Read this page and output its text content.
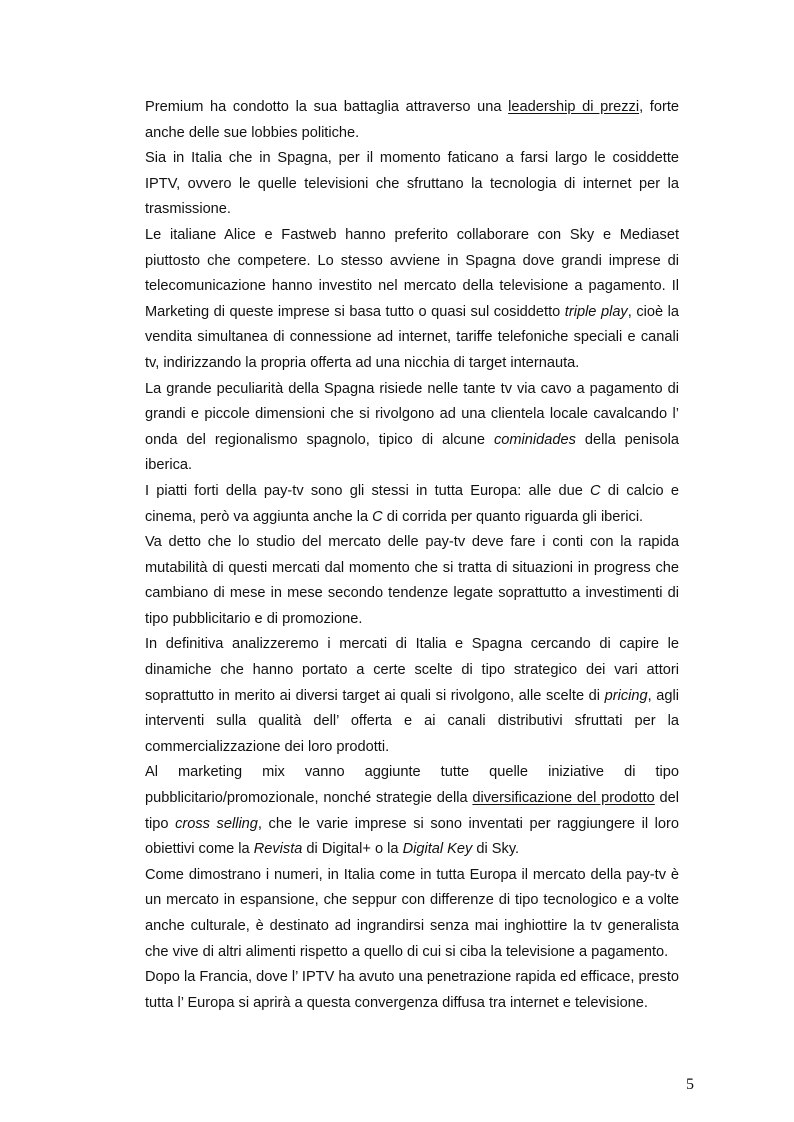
Premium ha condotto la sua battaglia attraverso una leadership di prezzi, forte anche delle sue lobbies politiche.

Sia in Italia che in Spagna, per il momento faticano a farsi largo le cosiddette IPTV, ovvero le quelle televisioni che sfruttano la tecnologia di internet per la trasmissione.

Le italiane Alice e Fastweb hanno preferito collaborare con Sky e Mediaset piuttosto che competere. Lo stesso avviene in Spagna dove grandi imprese di telecomunicazione hanno investito nel mercato della televisione a pagamento. Il Marketing di queste imprese si basa tutto o quasi sul cosiddetto triple play, cioè la vendita simultanea di connessione ad internet, tariffe telefoniche speciali e canali tv, indirizzando la propria offerta ad una nicchia di target internauta.

La grande peculiarità della Spagna risiede nelle tante tv via cavo a pagamento di grandi e piccole dimensioni che si rivolgono ad una clientela locale cavalcando l’ onda del regionalismo spagnolo, tipico di alcune cominidades della penisola iberica.

I piatti forti della pay-tv sono gli stessi in tutta Europa: alle due C di calcio e cinema, però va aggiunta anche la C di corrida per quanto riguarda gli iberici.

Va detto che lo studio del mercato delle pay-tv deve fare i conti con la rapida mutabilità di questi mercati dal momento che si tratta di situazioni in progress che cambiano di mese in mese secondo tendenze legate soprattutto a investimenti di tipo pubblicitario e di promozione.

In definitiva analizzeremo i mercati di Italia e Spagna cercando di capire le dinamiche che hanno portato a certe scelte di tipo strategico dei vari attori soprattutto in merito ai diversi target ai quali si rivolgono, alle scelte di pricing, agli interventi sulla qualità dell’ offerta e ai canali distributivi sfruttati per la commercializzazione dei loro prodotti.

Al marketing mix vanno aggiunte tutte quelle iniziative di tipo pubblicitario/promozionale, nonché strategie della diversificazione del prodotto del tipo cross selling, che le varie imprese si sono inventati per raggiungere il loro obiettivi come la Revista di Digital+ o la Digital Key di Sky.

Come dimostrano i numeri, in Italia come in tutta Europa il mercato della pay-tv è un mercato in espansione, che seppur con differenze di tipo tecnologico e a volte anche culturale, è destinato ad ingrandirsi senza mai inghiottire la tv generalista che vive di altri alimenti rispetto a quello di cui si ciba la televisione a pagamento.

Dopo la Francia, dove l’ IPTV ha avuto una penetrazione rapida ed efficace, presto tutta l’ Europa si aprirà a questa convergenza diffusa tra internet e televisione.

5
